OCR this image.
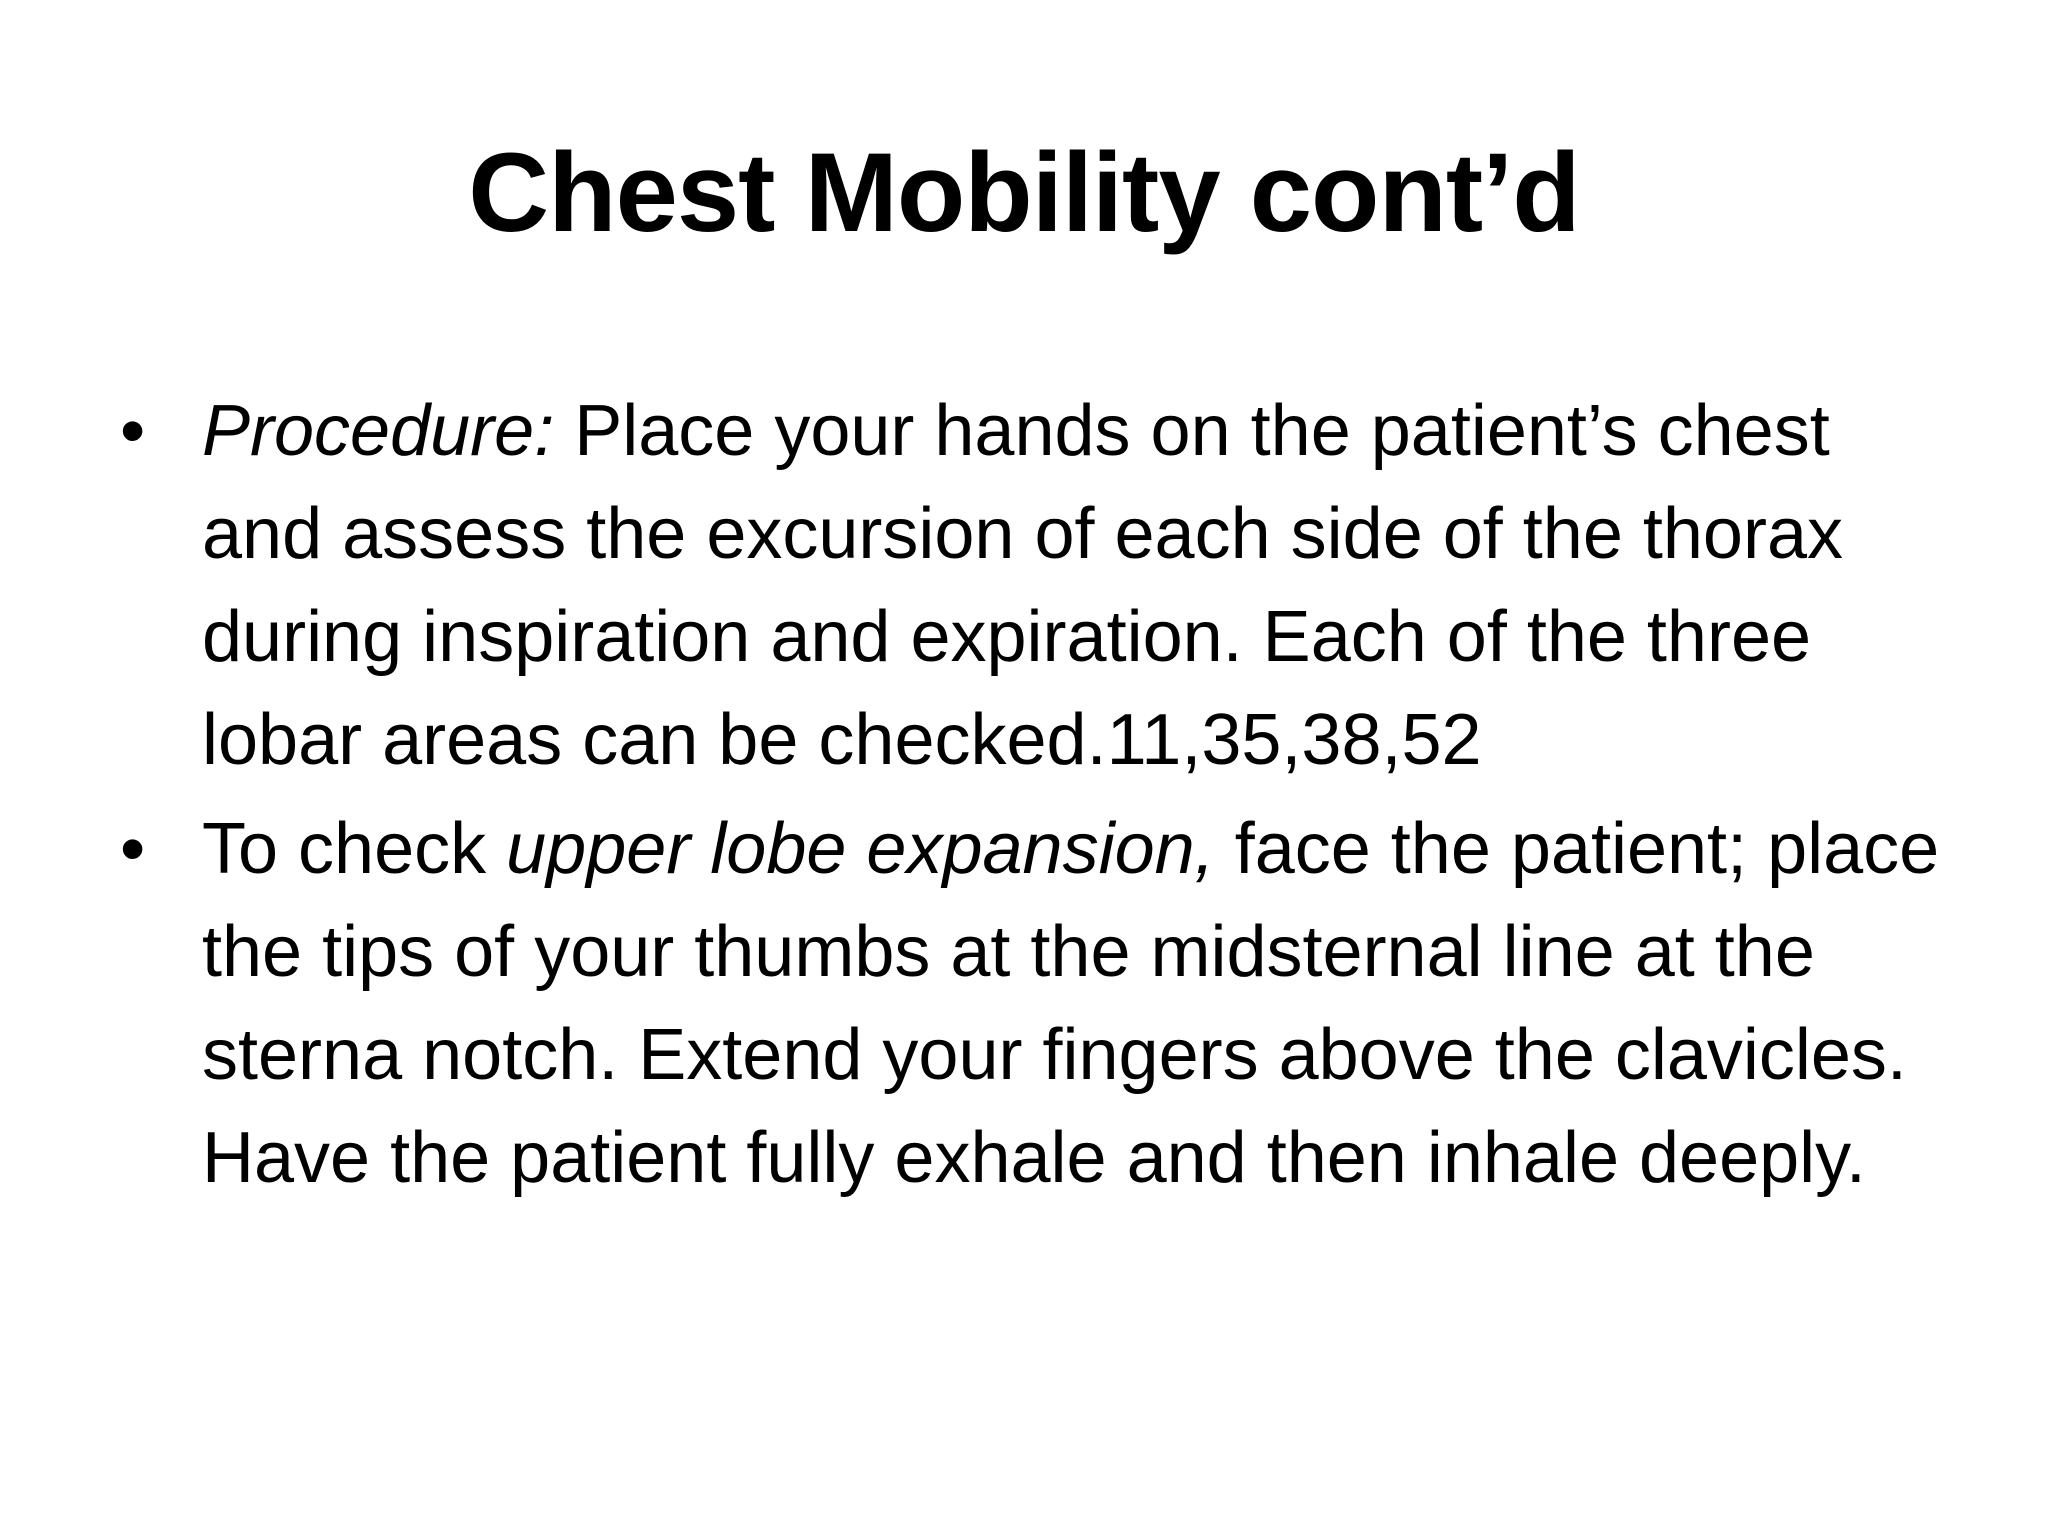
Chest Mobility cont’d
• Procedure: Place your hands on the patient’s chest and assess the excursion of each side of the thorax during inspiration and expiration. Each of the three lobar areas can be checked.11,35,38,52
• To check upper lobe expansion, face the patient; place the tips of your thumbs at the midsternal line at the sterna notch. Extend your fingers above the clavicles. Have the patient fully exhale and then inhale deeply.
